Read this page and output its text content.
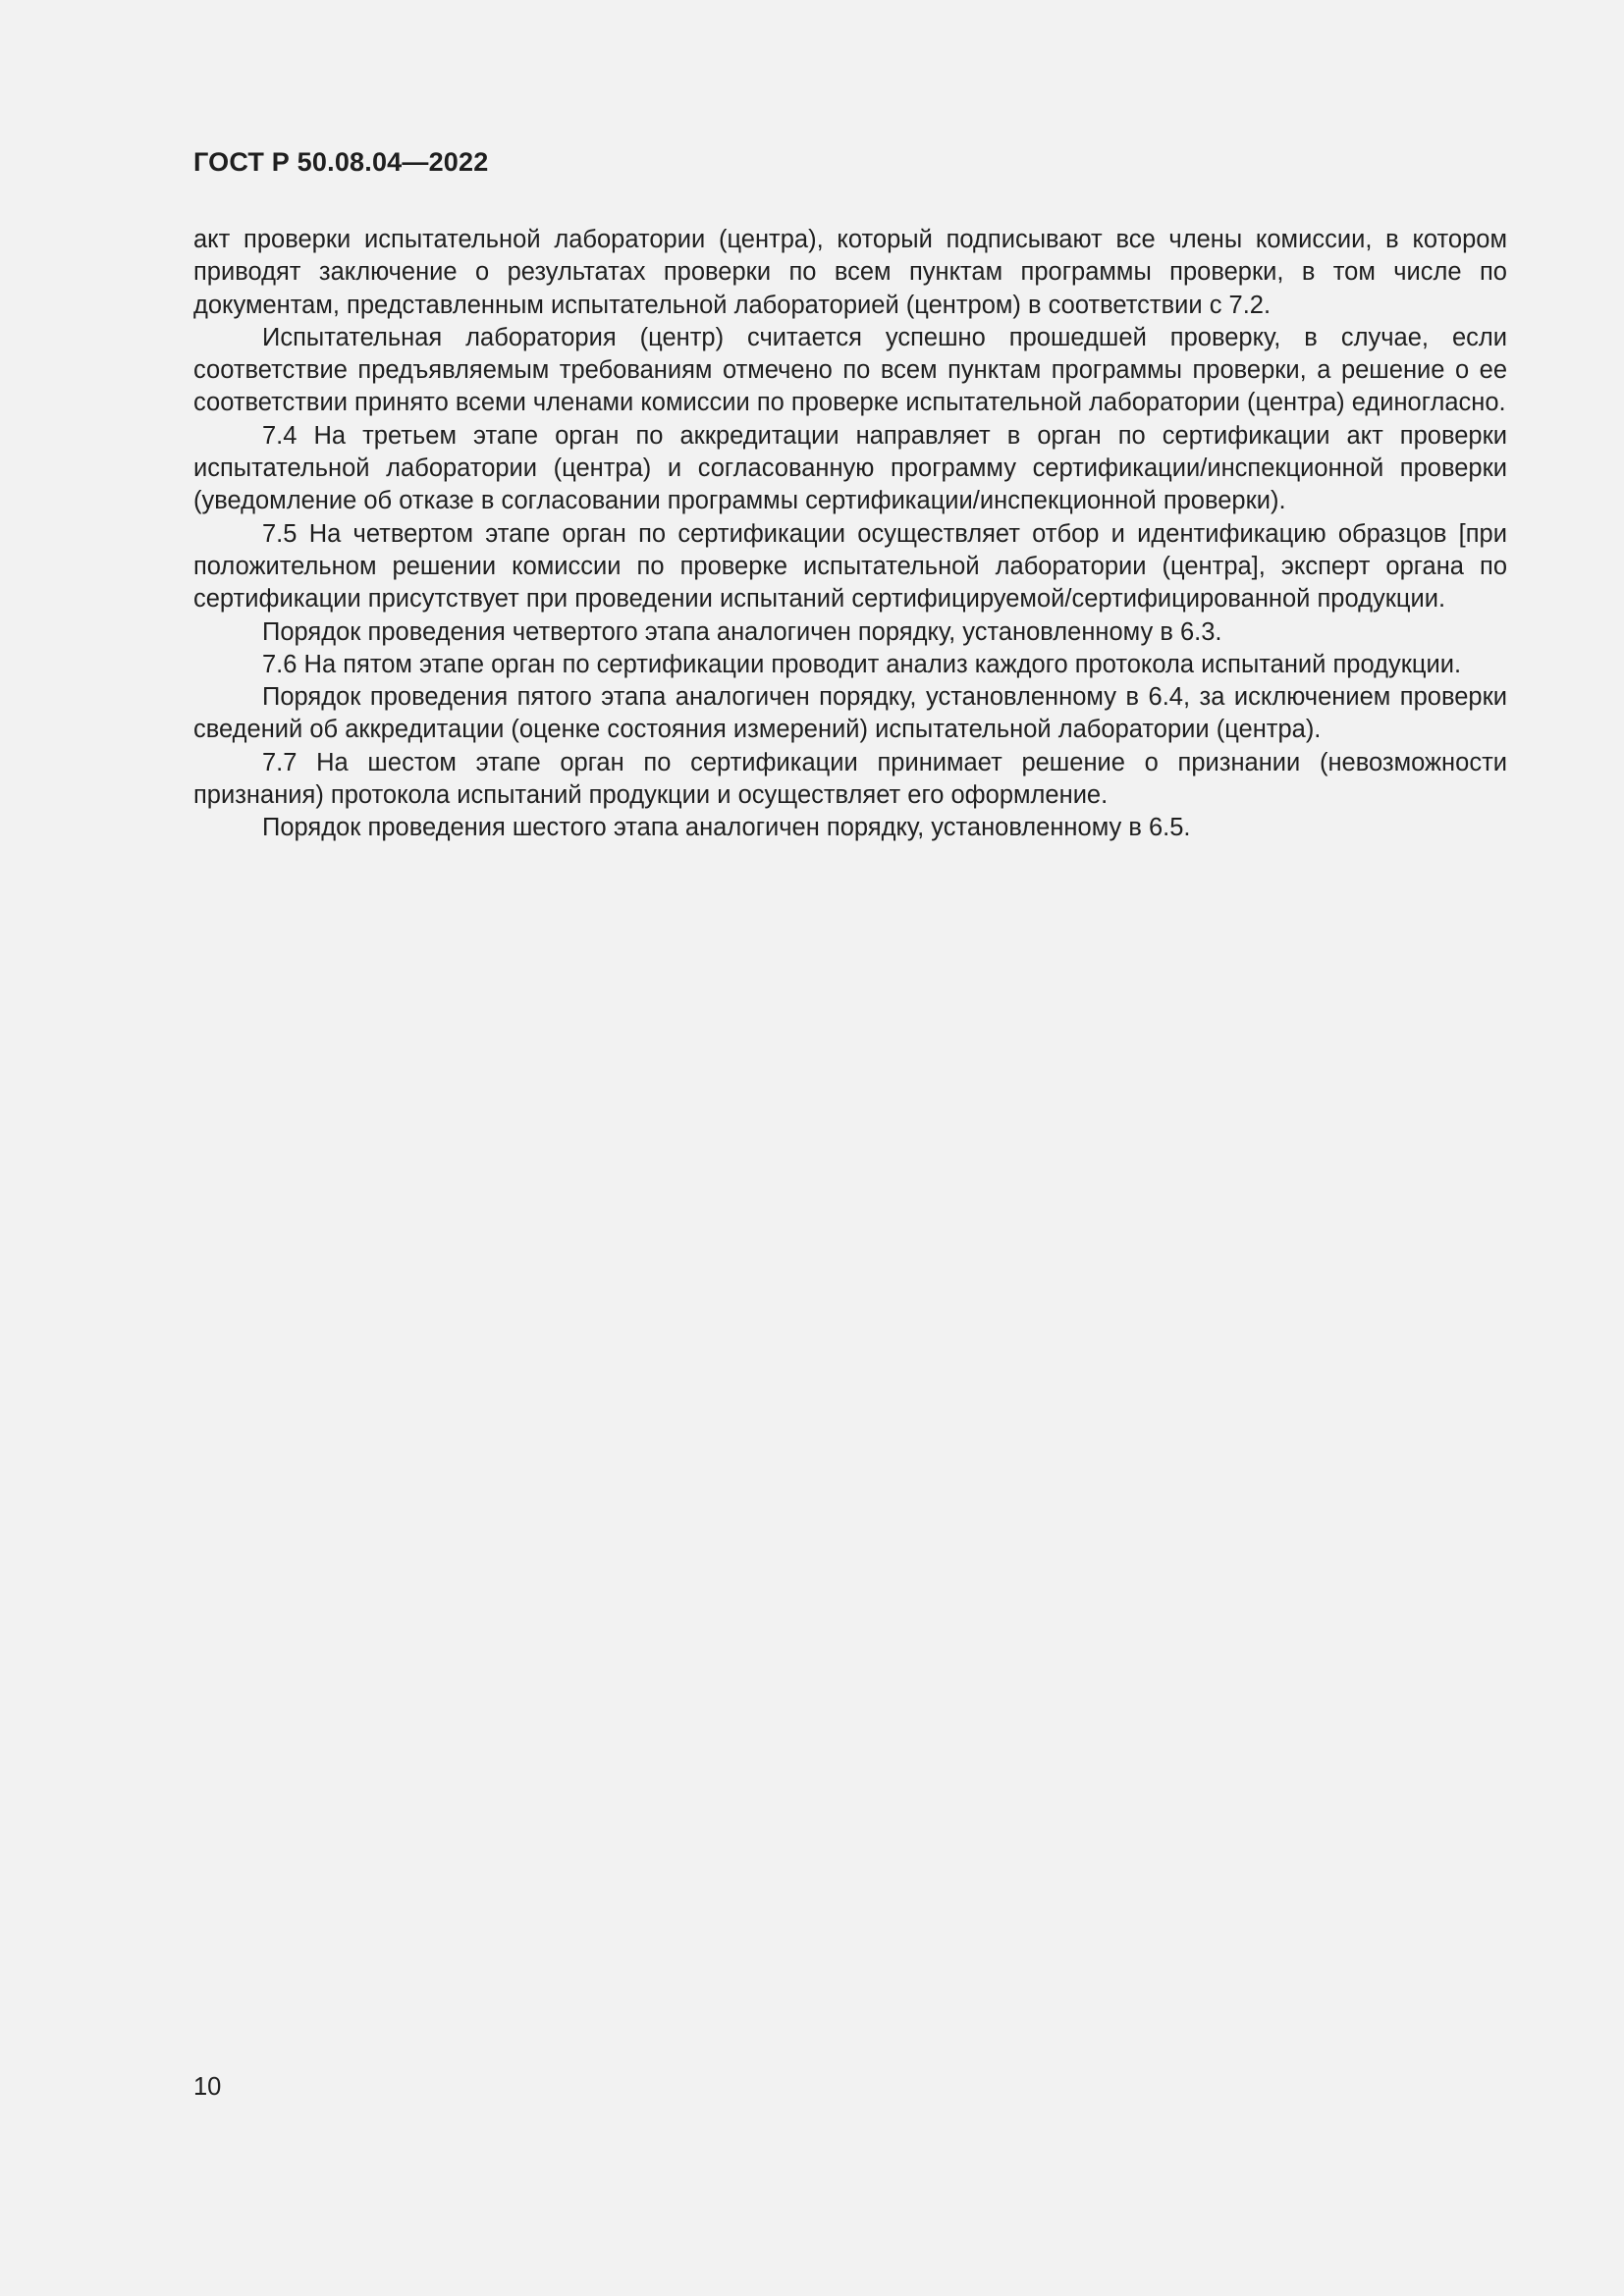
ГОСТ Р 50.08.04—2022

акт проверки испытательной лаборатории (центра), который подписывают все члены комиссии, в котором приводят заключение о результатах проверки по всем пунктам программы проверки, в том числе по документам, представленным испытательной лабораторией (центром) в соответствии с 7.2.

Испытательная лаборатория (центр) считается успешно прошедшей проверку, в случае, если соответствие предъявляемым требованиям отмечено по всем пунктам программы проверки, а решение о ее соответствии принято всеми членами комиссии по проверке испытательной лаборатории (центра) единогласно.

7.4 На третьем этапе орган по аккредитации направляет в орган по сертификации акт проверки испытательной лаборатории (центра) и согласованную программу сертификации/инспекционной проверки (уведомление об отказе в согласовании программы сертификации/инспекционной проверки).

7.5 На четвертом этапе орган по сертификации осуществляет отбор и идентификацию образцов [при положительном решении комиссии по проверке испытательной лаборатории (центра], эксперт органа по сертификации присутствует при проведении испытаний сертифицируемой/сертифицированной продукции.

Порядок проведения четвертого этапа аналогичен порядку, установленному в 6.3.

7.6 На пятом этапе орган по сертификации проводит анализ каждого протокола испытаний продукции.

Порядок проведения пятого этапа аналогичен порядку, установленному в 6.4, за исключением проверки сведений об аккредитации (оценке состояния измерений) испытательной лаборатории (центра).

7.7 На шестом этапе орган по сертификации принимает решение о признании (невозможности признания) протокола испытаний продукции и осуществляет его оформление.

Порядок проведения шестого этапа аналогичен порядку, установленному в 6.5.

10
